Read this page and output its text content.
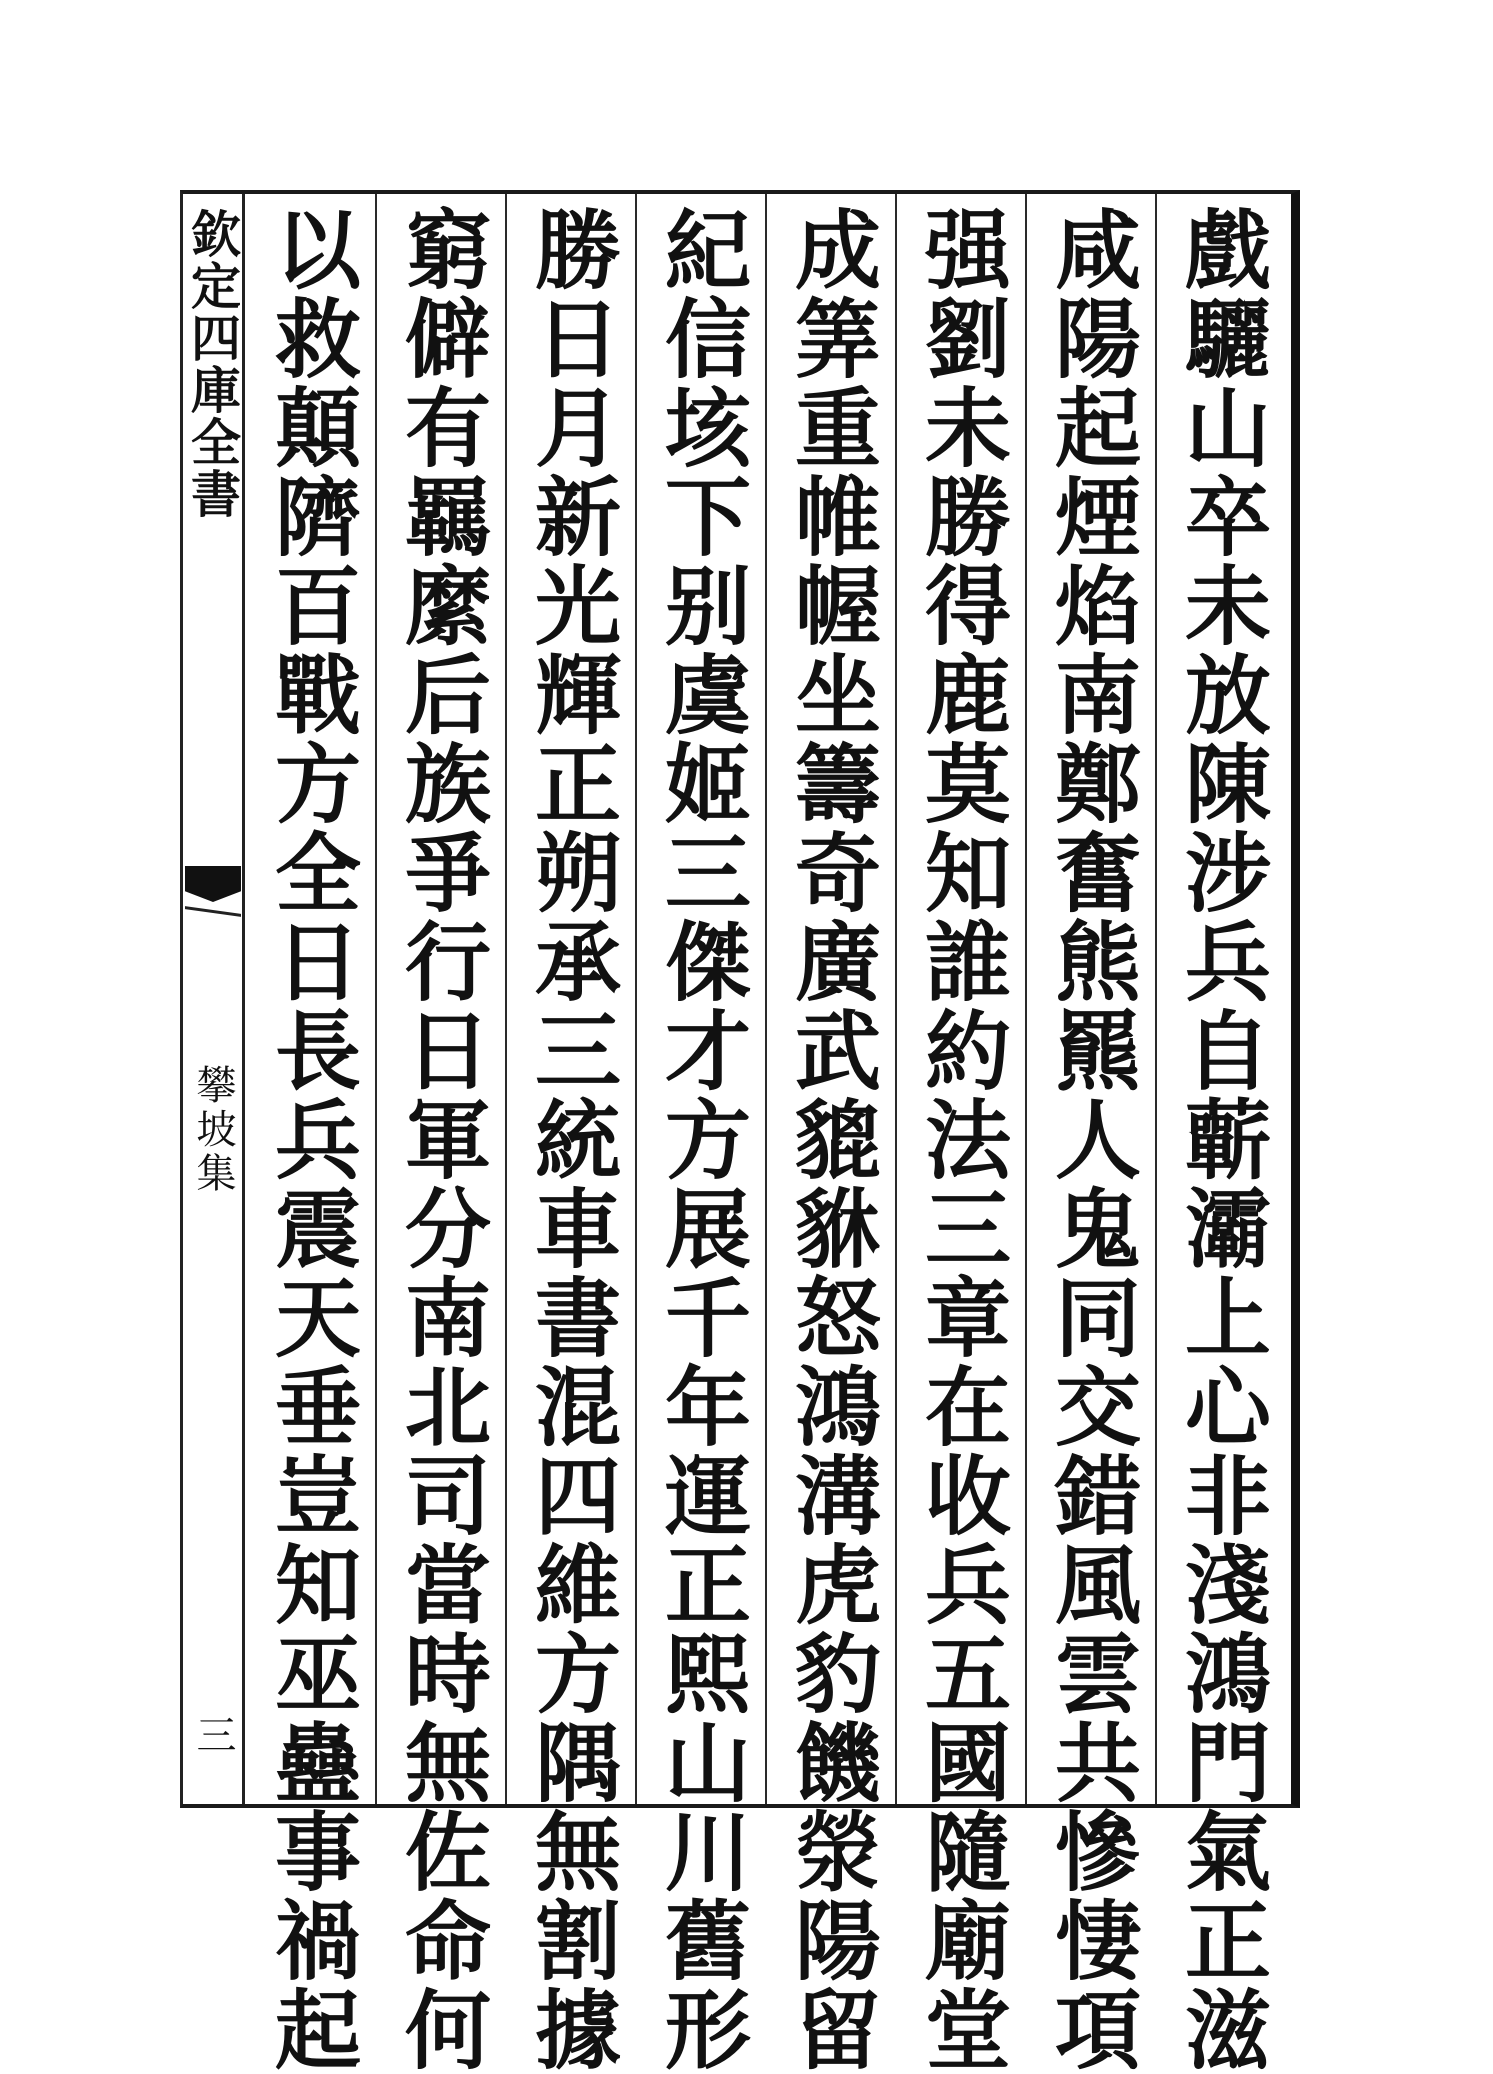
欽定四庫全書
攀坡集
三	戲驪山卒未放陳涉兵自蘄灞上心非淺鴻門氣正滋
咸陽起煙焰南鄭奮熊羆人鬼同交錯風雲共慘悽項
强劉未勝得鹿莫知誰約法三章在收兵五國隨廟堂
成筭重帷幄坐籌奇廣武貔貅怒鴻溝虎豹饑滎陽留
紀信垓下别虞姬三傑才方展千年運正熙山川舊形
勝日月新光輝正朔承三統車書混四維方隅無割據
窮僻有羈縻后族爭行日軍分南北司當時無佐命何
以救顛隮百戰方全日長兵震天垂豈知巫蠱事禍起
